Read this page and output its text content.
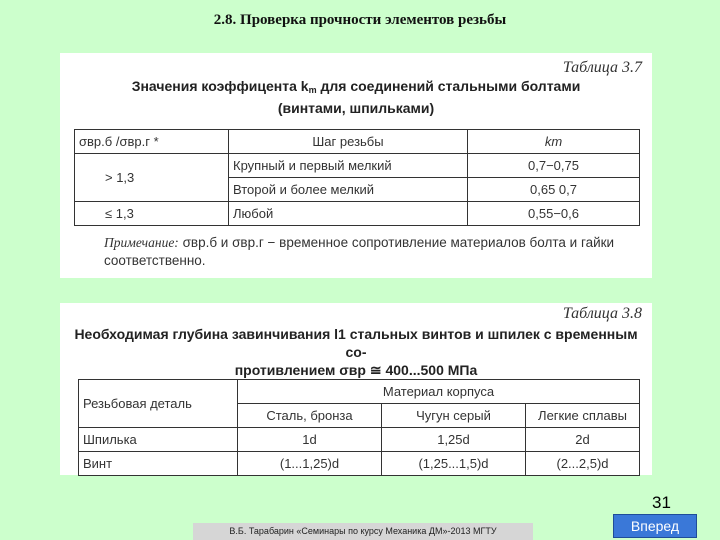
2.8. Проверка прочности элементов резьбы
Таблица 3.7
Значения коэффицента $k_m$ для соединений стальными болтами
(винтами, шпильками)
σвр.б /σвр.г *	Шаг резьбы	km
> 1,3	Крупный и первый мелкий	0,7−0,75
	Второй и более мелкий	0,65 0,7
≤ 1,3	Любой	0,55−0,6
Примечание: σвр.б и σвр.г − временное сопротивление материалов болта и гайки соответственно.
Таблица 3.8
Необходимая глубина завинчивания l1 стальных винтов и шпилек с временным со-
противлением σвр ≅ 400...500 МПа
Резьбовая деталь	Материал корпуса		
	Сталь, бронза	Чугун серый	Легкие сплавы
Шпилька	1d	1,25d	2d
Винт	(1...1,25)d	(1,25...1,5)d	(2...2,5)d
31
В.Б. Тарабарин «Семинары по курсу Механика ДМ»-2013 МГТУ	Вперед
